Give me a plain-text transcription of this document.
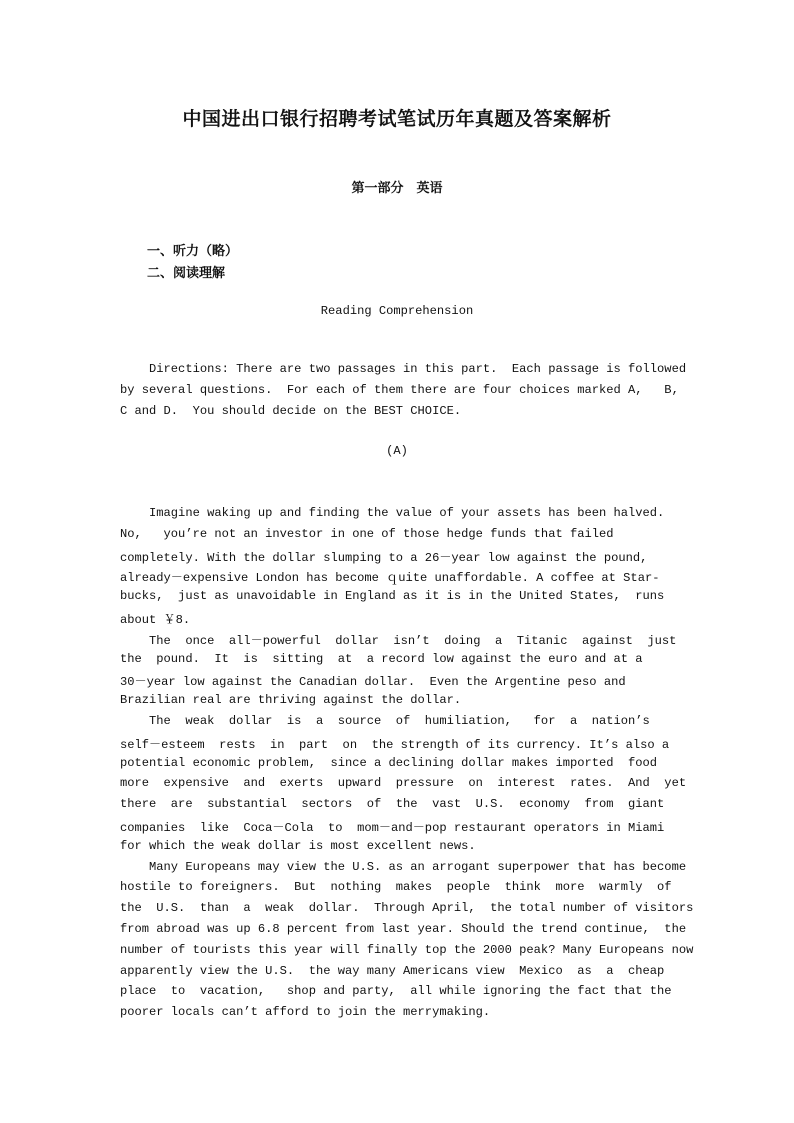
中国进出口银行招聘考试笔试历年真题及答案解析
第一部分　英语
一、听力（略）
二、阅读理解
Reading Comprehension
Directions: There are two passages in this part.  Each passage is followed
by several questions.  For each of them there are four choices marked A,   B,
C and D.  You should decide on the BEST CHOICE.
(A)
Imagine waking up and finding the value of your assets has been halved.
No,   you’re not an investor in one of those hedge funds that failed
completely. With the dollar slumping to a 26－year low against the pound,
already－expensive London has become ｑuite unaffordable. A coffee at Star-
bucks,  just as unavoidable in England as it is in the United States,  runs
about ￥8.
The  once  all－powerful  dollar  isn’t  doing  a  Titanic  against  just
the  pound.  It  is  sitting  at  a record low against the euro and at a
30－year low against the Canadian dollar.  Even the Argentine peso and
Brazilian real are thriving against the dollar.
The  weak  dollar  is  a  source  of  humiliation,   for  a  nation’s
self－esteem  rests  in  part  on  the strength of its currency. It’s also a
potential economic problem,  since a declining dollar makes imported  food
more  expensive  and  exerts  upward  pressure  on  interest  rates.  And  yet
there  are  substantial  sectors  of  the  vast  U.S.  economy  from  giant
companies  like  Coca－Cola  to  mom－and－pop restaurant operators in Miami
for which the weak dollar is most excellent news.
Many Europeans may view the U.S. as an arrogant superpower that has become
hostile to foreigners.  But  nothing  makes  people  think  more  warmly  of
the  U.S.  than  a  weak  dollar.  Through April,  the total number of visitors
from abroad was up 6.8 percent from last year. Should the trend continue,  the
number of tourists this year will finally top the 2000 peak? Many Europeans now
apparently view the U.S.  the way many Americans view  Mexico  as  a  cheap
place  to  vacation,   shop and party,  all while ignoring the fact that the
poorer locals can’t afford to join the merrymaking.
